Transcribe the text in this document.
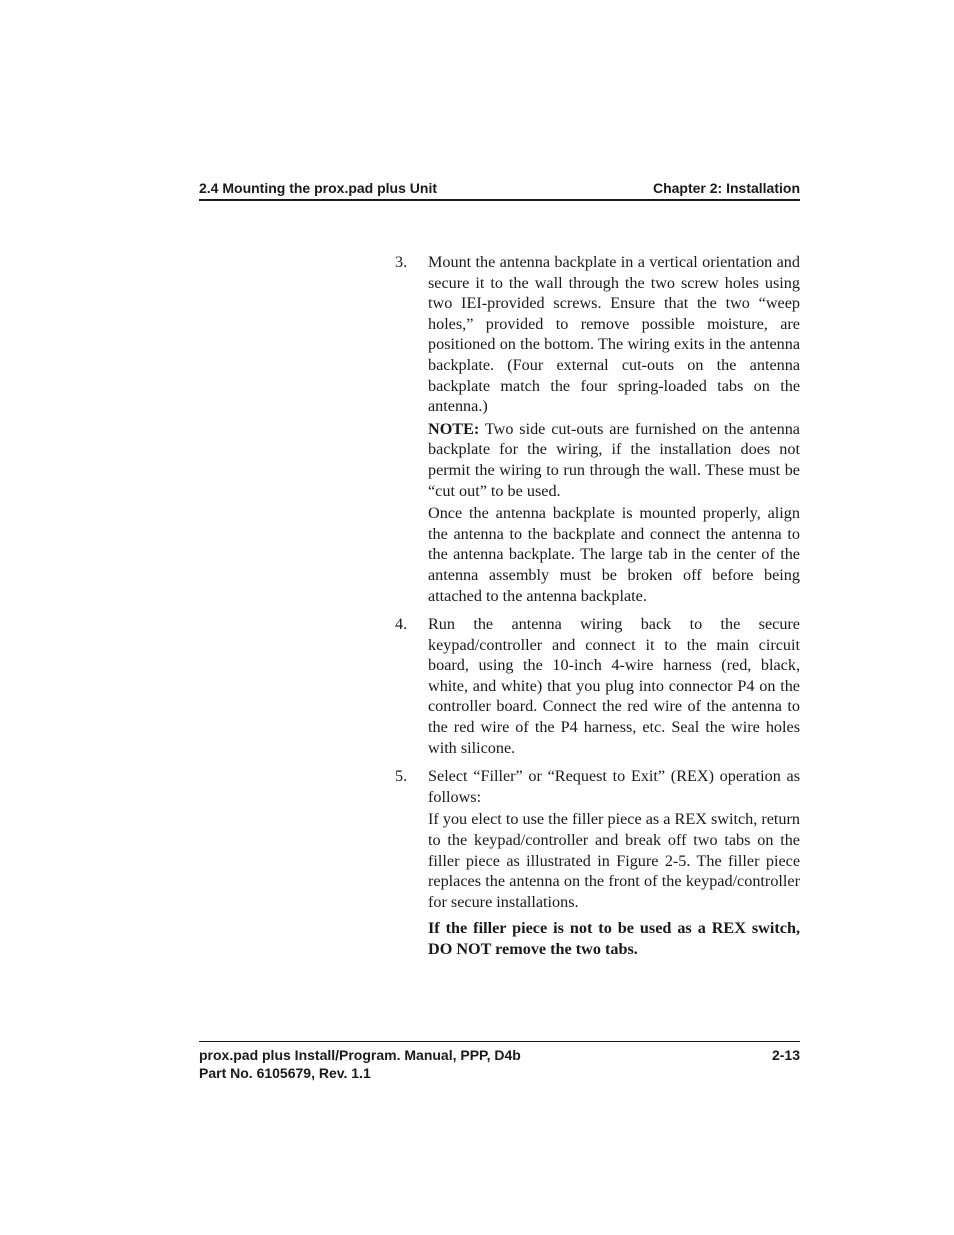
2.4 Mounting the prox.pad plus Unit	Chapter 2: Installation
3.	Mount the antenna backplate in a vertical orientation and secure it to the wall through the two screw holes using two IEI-provided screws. Ensure that the two “weep holes,” provided to remove possible moisture, are positioned on the bottom. The wiring exits in the antenna backplate. (Four external cut-outs on the antenna backplate match the four spring-loaded tabs on the antenna.)

NOTE: Two side cut-outs are furnished on the antenna backplate for the wiring, if the installation does not permit the wiring to run through the wall. These must be “cut out” to be used.

Once the antenna backplate is mounted properly, align the antenna to the backplate and connect the antenna to the antenna backplate. The large tab in the center of the antenna assembly must be broken off before being attached to the antenna backplate.

4.	Run the antenna wiring back to the secure keypad/controller and connect it to the main circuit board, using the 10-inch 4-wire harness (red, black, white, and white) that you plug into connector P4 on the controller board. Connect the red wire of the antenna to the red wire of the P4 harness, etc. Seal the wire holes with silicone.

5.	Select “Filler” or “Request to Exit” (REX) operation as follows:

If you elect to use the filler piece as a REX switch, return to the keypad/controller and break off two tabs on the filler piece as illustrated in Figure 2-5. The filler piece replaces the antenna on the front of the keypad/controller for secure installations.

If the filler piece is not to be used as a REX switch, DO NOT remove the two tabs.

prox.pad plus Install/Program. Manual, PPP, D4b	2-13
Part No. 6105679, Rev. 1.1
